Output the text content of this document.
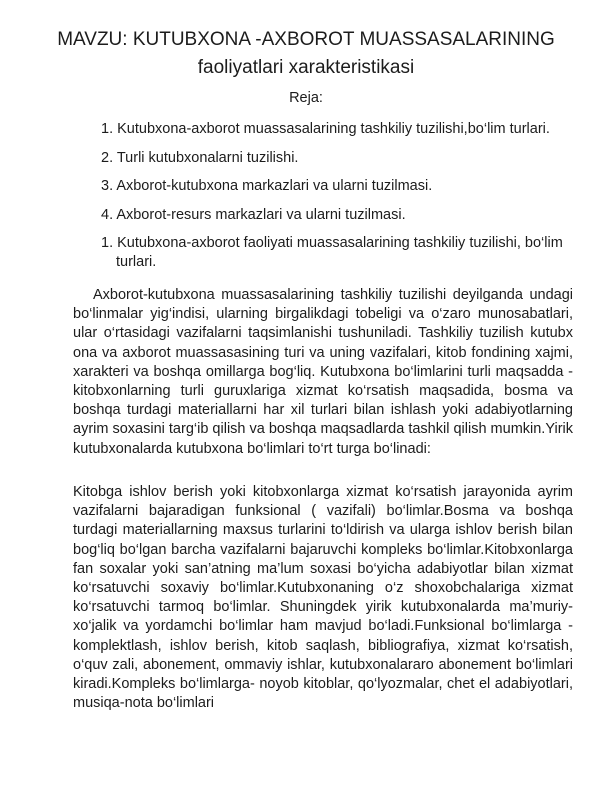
MAVZU: KUTUBXONA -AXBOROT MUASSASALARINING
faoliyatlari xarakteristikasi
Reja:
1. Kutubxona-axborot muassasalarining tashkiliy tuzilishi,bo‘lim turlari.
2. Turli kutubxonalarni tuzilishi.
3. Axborot-kutubxona markazlari va ularni tuzilmasi.
4. Axborot-resurs markazlari va ularni tuzilmasi.
1. Kutubxona-axborot faoliyati muassasalarining tashkiliy tuzilishi, bo‘lim turlari.

Axborot-kutubxona muassasalarining tashkiliy tuzilishi deyilganda undagi bo‘linmalar yig‘indisi, ularning birgalikdagi tobeligi va o‘zaro munosabatlari, ular o‘rtasidagi vazifalarni taqsimlanishi tushuniladi. Tashkiliy tuzilish kutubx ona va axborot muassasasining turi va uning vazifalari, kitob fondining xajmi, xarakteri va boshqa omillarga bog‘liq. Kutubxona bo‘limlarini turli maqsadda - kitobxonlarning turli guruxlariga xizmat ko‘rsatish maqsadida, bosma va boshqa turdagi materiallarni har xil turlari bilan ishlash yoki adabiyotlarning ayrim soxasini targ‘ib qilish va boshqa maqsadlarda tashkil qilish mumkin.Yirik kutubxonalarda kutubxona bo‘limlari to‘rt turga bo‘linadi:

Kitobga ishlov berish yoki kitobxonlarga xizmat ko‘rsatish jarayonida ayrim vazifalarni bajaradigan funksional ( vazifali) bo‘limlar.Bosma va boshqa turdagi materiallarning maxsus turlarini to‘ldirish va ularga ishlov berish bilan bog‘liq bo‘lgan barcha vazifalarni bajaruvchi kompleks bo‘limlar.Kitobxonlarga fan soxalar yoki san’atning ma’lum soxasi bo‘yicha adabiyotlar bilan xizmat ko‘rsatuvchi soxaviy bo‘limlar.Kutubxonaning o‘z shoxobchalariga xizmat ko‘rsatuvchi tarmoq bo‘limlar. Shuningdek yirik kutubxonalarda ma’muriy- xo‘jalik va yordamchi bo‘limlar ham mavjud bo‘ladi.Funksional bo‘limlarga - komplektlash, ishlov berish, kitob saqlash, bibliografiya, xizmat ko‘rsatish, o‘quv zali, abonement, ommaviy ishlar, kutubxonalararo abonement bo‘limlari kiradi.Kompleks bo‘limlarga- noyob kitoblar, qo‘lyozmalar, chet el adabiyotlari, musiqa-nota bo‘limlari
